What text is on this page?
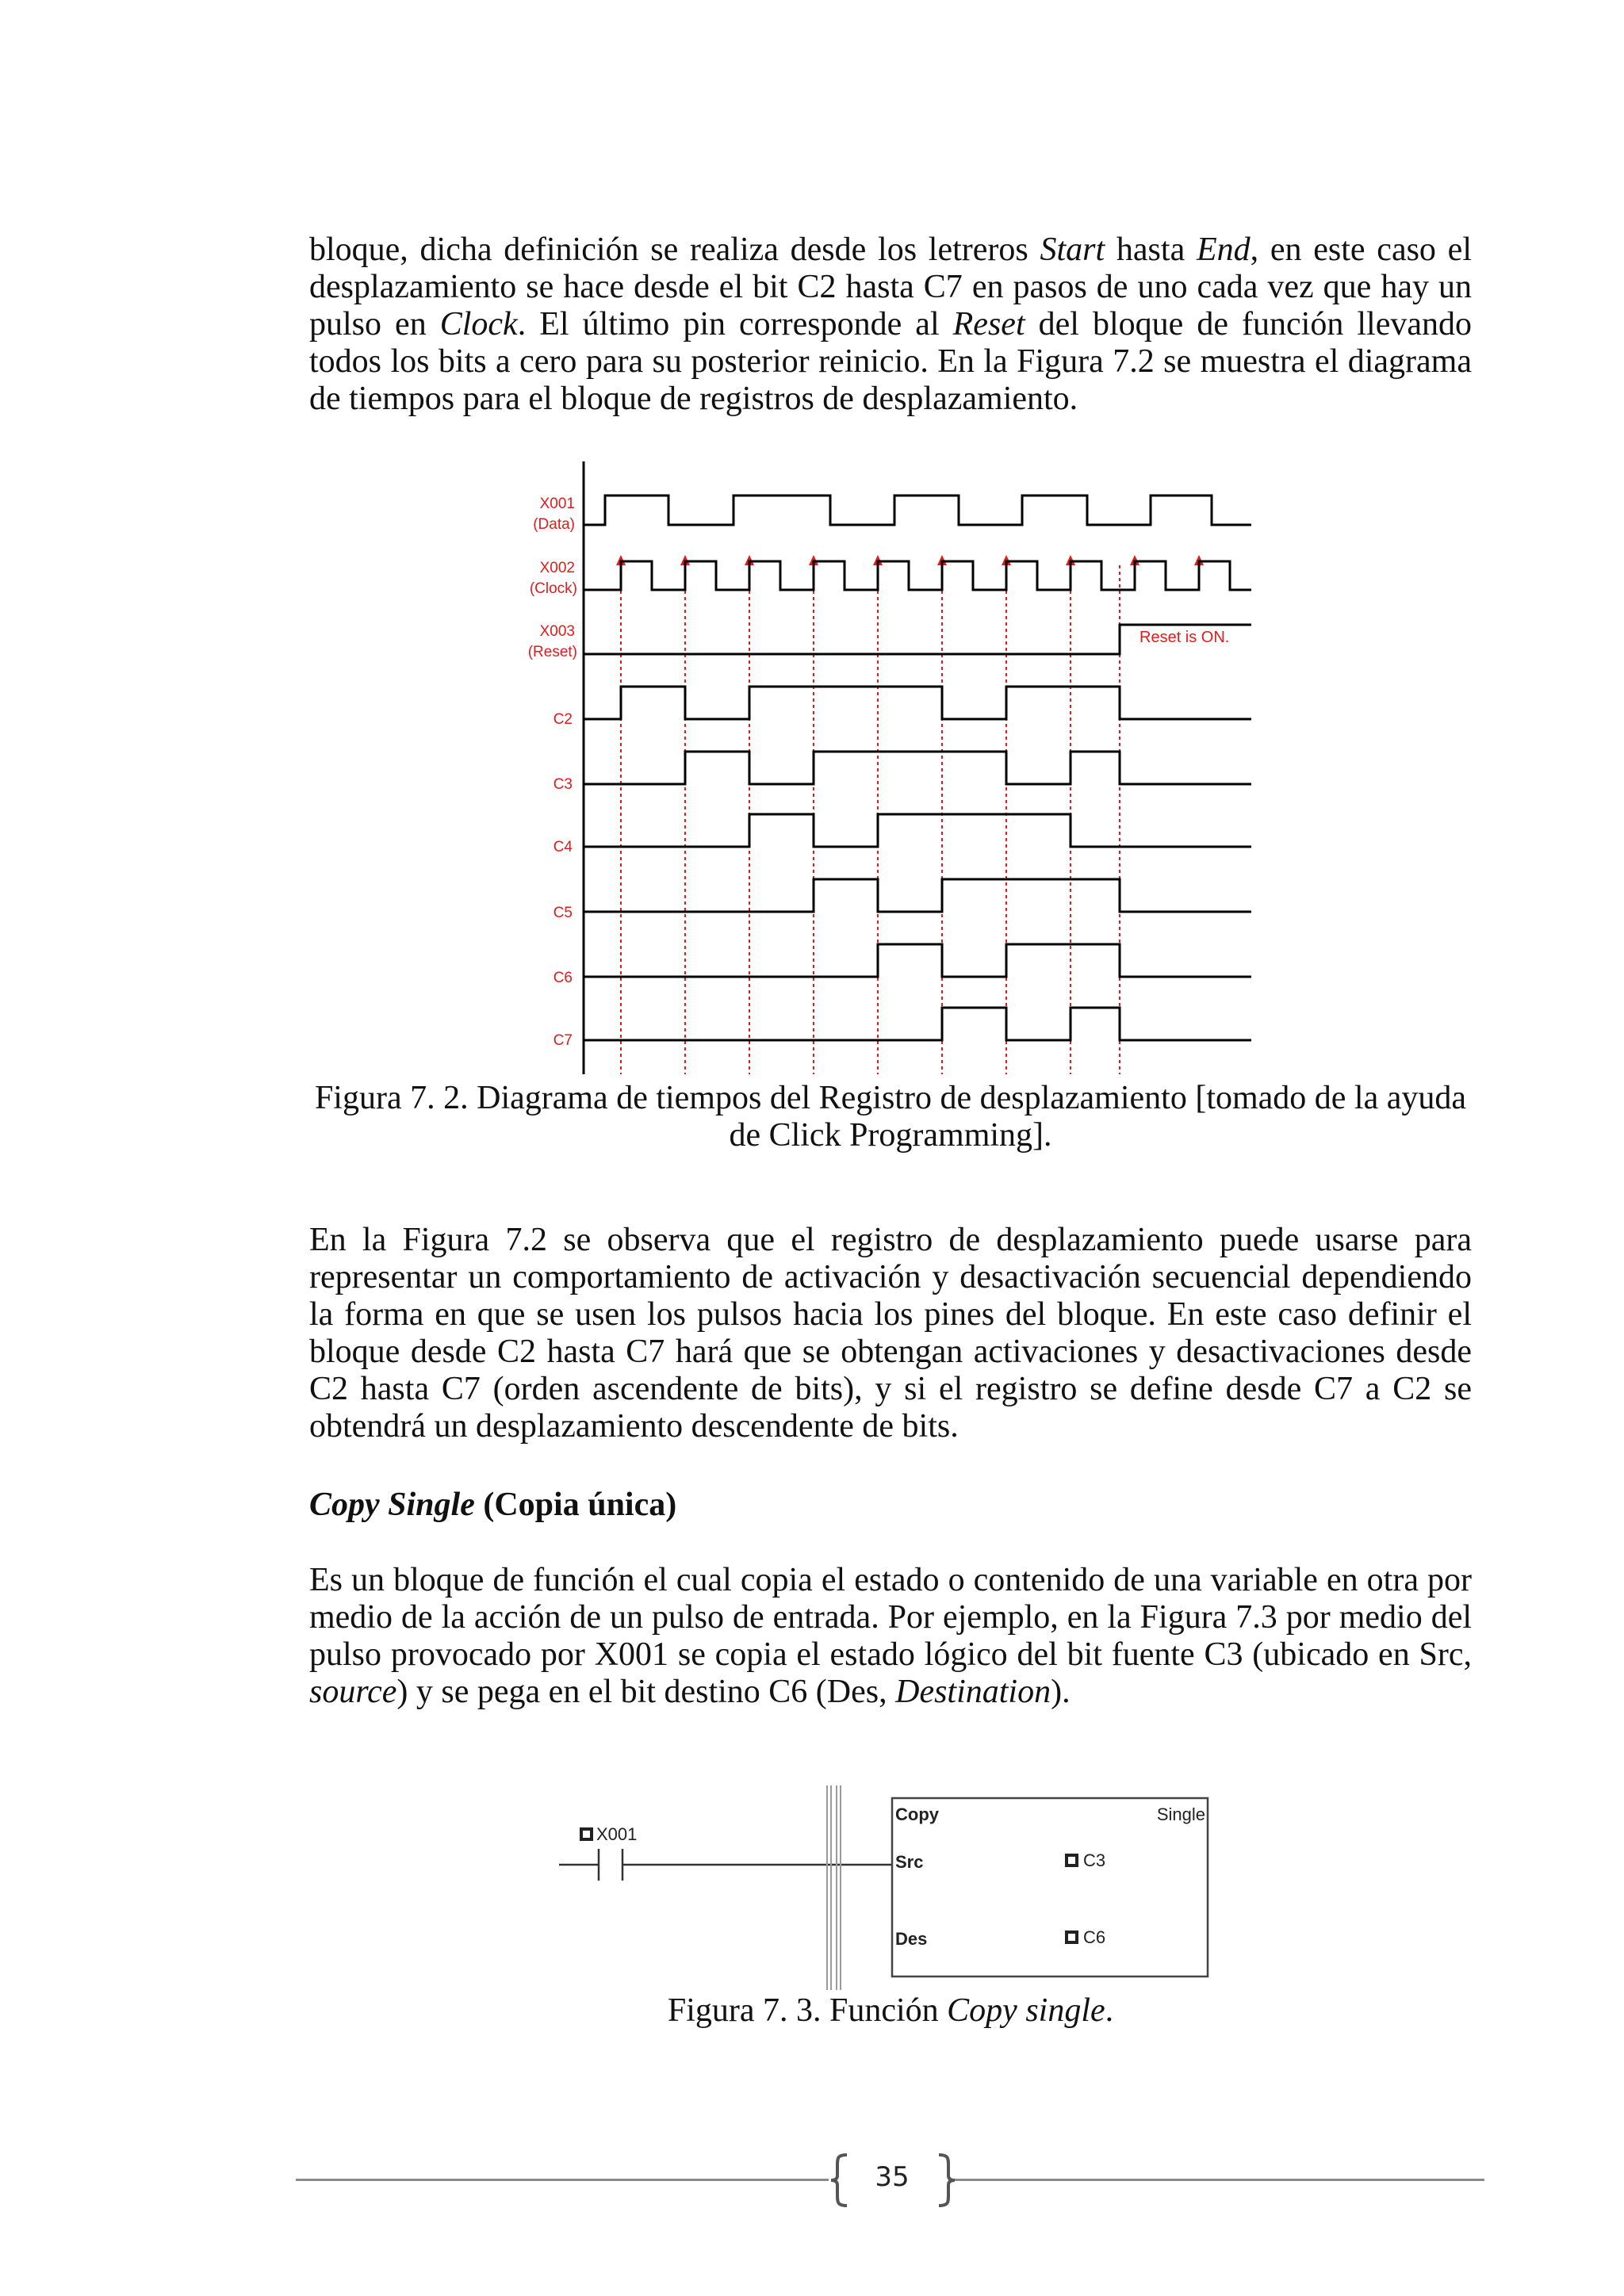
bloque, dicha definición se realiza desde los letreros Start hasta End, en este caso el desplazamiento se hace desde el bit C2 hasta C7 en pasos de uno cada vez que hay un pulso en Clock. El último pin corresponde al Reset del bloque de función llevando todos los bits a cero para su posterior reinicio. En la Figura 7.2 se muestra el diagrama de tiempos para el bloque de registros de desplazamiento.

X001
(Data)
X002
(Clock)
X003
(Reset)
C2
C3
C4
C5
C6
C7
Reset is ON.

Figura 7. 2. Diagrama de tiempos del Registro de desplazamiento [tomado de la ayuda de Click Programming].

En la Figura 7.2 se observa que el registro de desplazamiento puede usarse para representar un comportamiento de activación y desactivación secuencial dependiendo la forma en que se usen los pulsos hacia los pines del bloque. En este caso definir el bloque desde C2 hasta C7 hará que se obtengan activaciones y desactivaciones desde C2 hasta C7 (orden ascendente de bits), y si el registro se define desde C7 a C2 se obtendrá un desplazamiento descendente de bits.

Copy Single (Copia única)

Es un bloque de función el cual copia el estado o contenido de una variable en otra por medio de la acción de un pulso de entrada. Por ejemplo, en la Figura 7.3 por medio del pulso provocado por X001 se copia el estado lógico del bit fuente C3 (ubicado en Src, source) y se pega en el bit destino C6 (Des, Destination).

X001
Copy	Single
Src	C3
Des	C6

Figura 7. 3. Función Copy single.

35
